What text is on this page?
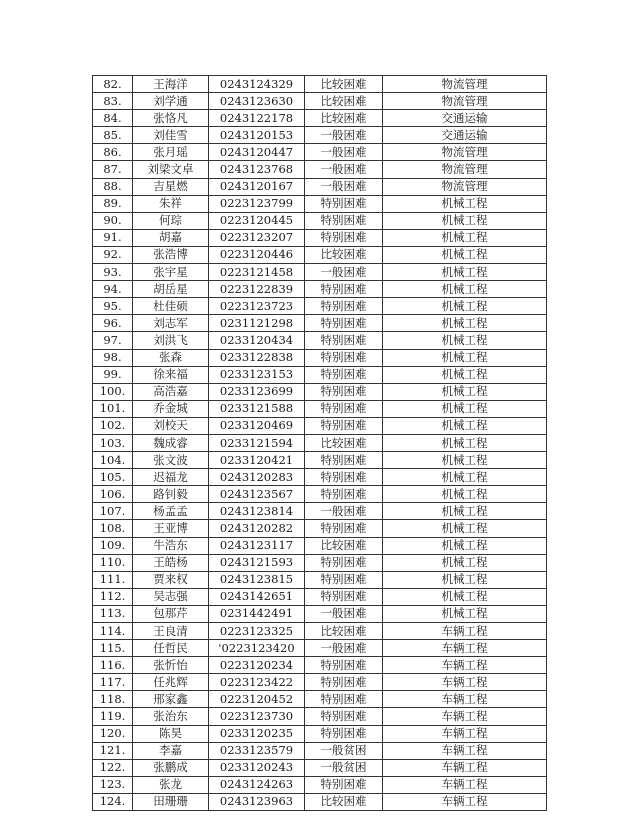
82.	王海洋	0243124329	比较困难	物流管理
83.	刘学通	0243123630	比较困难	物流管理
84.	张恪凡	0243122178	比较困难	交通运输
85.	刘佳雪	0243120153	一般困难	交通运输
86.	张月瑶	0243120447	一般困难	物流管理
87.	刘梁文卓	0243123768	一般困难	物流管理
88.	吉星燃	0243120167	一般困难	物流管理
89.	朱祥	0223123799	特别困难	机械工程
90.	何琮	0223120445	特别困难	机械工程
91.	胡嘉	0223123207	特别困难	机械工程
92.	张浩博	0223120446	比较困难	机械工程
93.	张宇星	0223121458	一般困难	机械工程
94.	胡岳星	0223122839	特别困难	机械工程
95.	杜佳硕	0223123723	特别困难	机械工程
96.	刘志军	0231121298	特别困难	机械工程
97.	刘洪飞	0233120434	特别困难	机械工程
98.	张森	0233122838	特别困难	机械工程
99.	徐来福	0233123153	特别困难	机械工程
100.	高浩嘉	0233123699	特别困难	机械工程
101.	乔金城	0233121588	特别困难	机械工程
102.	刘校天	0233120469	特别困难	机械工程
103.	魏成睿	0233121594	比较困难	机械工程
104.	张文波	0233120421	特别困难	机械工程
105.	迟福龙	0243120283	特别困难	机械工程
106.	路钊毅	0243123567	特别困难	机械工程
107.	杨孟孟	0243123814	一般困难	机械工程
108.	王亚博	0243120282	特别困难	机械工程
109.	牛浩东	0243123117	比较困难	机械工程
110.	王皓杨	0243121593	特别困难	机械工程
111.	贾来权	0243123815	特别困难	机械工程
112.	吴志强	0243142651	特别困难	机械工程
113.	包那芹	0231442491	一般困难	机械工程
114.	王良清	0223123325	比较困难	车辆工程
115.	任哲民	'0223123420	一般困难	车辆工程
116.	张忻怡	0223120234	特别困难	车辆工程
117.	任兆辉	0223123422	特别困难	车辆工程
118.	邢家鑫	0223120452	特别困难	车辆工程
119.	张治东	0223123730	特别困难	车辆工程
120.	陈昊	0233120235	特别困难	车辆工程
121.	李嘉	0233123579	一般贫困	车辆工程
122.	张鹏成	0233120243	一般贫困	车辆工程
123.	张龙	0243124263	特别困难	车辆工程
124.	田珊珊	0243123963	比较困难	车辆工程
